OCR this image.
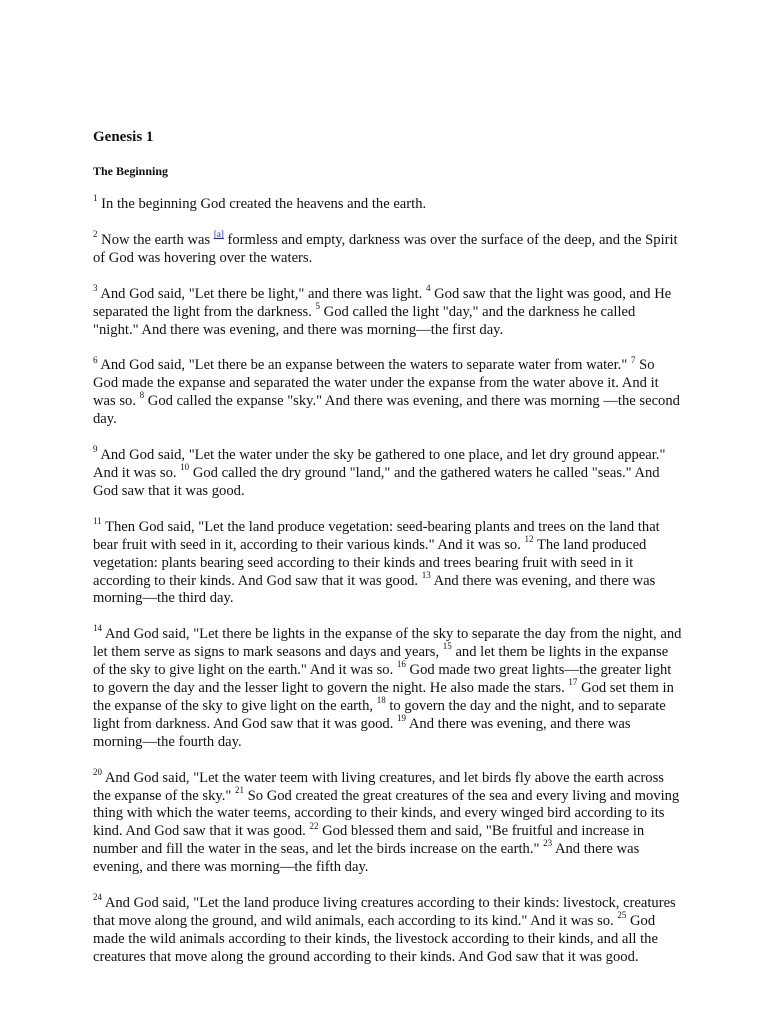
Genesis 1
The Beginning

$^1$ In the beginning God created the heavens and the earth.

$^2$ Now the earth was [a] formless and empty, darkness was over the surface of the deep, and the Spirit of God was hovering over the waters.

$^3$ And God said, "Let there be light," and there was light. $^4$ God saw that the light was good, and He separated the light from the darkness. $^5$ God called the light "day," and the darkness he called "night." And there was evening, and there was morning—the first day.

$^6$ And God said, "Let there be an expanse between the waters to separate water from water." $^7$ So God made the expanse and separated the water under the expanse from the water above it. And it was so. $^8$ God called the expanse "sky." And there was evening, and there was morning —the second day.

$^9$ And God said, "Let the water under the sky be gathered to one place, and let dry ground appear." And it was so. $^{10}$ God called the dry ground "land," and the gathered waters he called "seas." And God saw that it was good.

$^{11}$ Then God said, "Let the land produce vegetation: seed-bearing plants and trees on the land that bear fruit with seed in it, according to their various kinds." And it was so. $^{12}$ The land produced vegetation: plants bearing seed according to their kinds and trees bearing fruit with seed in it according to their kinds. And God saw that it was good. $^{13}$ And there was evening, and there was morning—the third day.

$^{14}$ And God said, "Let there be lights in the expanse of the sky to separate the day from the night, and let them serve as signs to mark seasons and days and years, $^{15}$ and let them be lights in the expanse of the sky to give light on the earth." And it was so. $^{16}$ God made two great lights—the greater light to govern the day and the lesser light to govern the night. He also made the stars. $^{17}$ God set them in the expanse of the sky to give light on the earth, $^{18}$ to govern the day and the night, and to separate light from darkness. And God saw that it was good. $^{19}$ And there was evening, and there was morning—the fourth day.

$^{20}$ And God said, "Let the water teem with living creatures, and let birds fly above the earth across the expanse of the sky." $^{21}$ So God created the great creatures of the sea and every living and moving thing with which the water teems, according to their kinds, and every winged bird according to its kind. And God saw that it was good. $^{22}$ God blessed them and said, "Be fruitful and increase in number and fill the water in the seas, and let the birds increase on the earth." $^{23}$ And there was evening, and there was morning—the fifth day.

$^{24}$ And God said, "Let the land produce living creatures according to their kinds: livestock, creatures that move along the ground, and wild animals, each according to its kind." And it was so. $^{25}$ God made the wild animals according to their kinds, the livestock according to their kinds, and all the creatures that move along the ground according to their kinds. And God saw that it was good.
